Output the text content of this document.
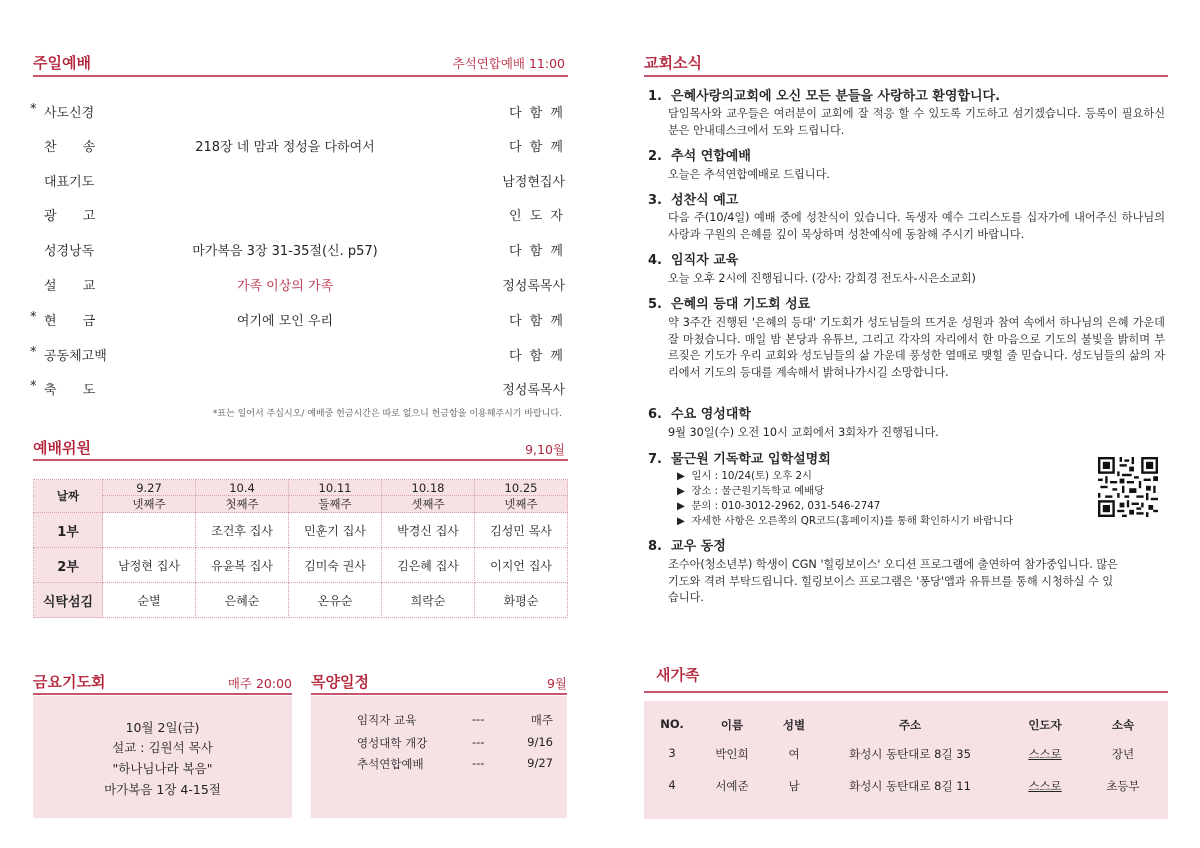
주일예배	추석연합예배 11:00
* 사도신경	다 함 께
찬 송	218장 네 맘과 정성을 다하여서	다 함 께
대표기도	남정현집사
광 고	인 도 자
성경낭독	마가복음 3장 31-35절(신. p57)	다 함 께
설 교	가족 이상의 가족	정성록목사
* 현 금	여기에 모인 우리	다 함 께
* 공동체고백	다 함 께
* 축 도	정성록목사
*표는 일어서 주십시오/ 예배중 헌금시간은 따로 없으니 헌금함을 이용해주시기 바랍니다.
예배위원	9,10월
날짜	9.27	10.4	10.11	10.18	10.25
	넷째주	첫째주	둘째주	셋째주	넷째주
1부		조건후 집사	민훈기 집사	박경신 집사	김성민 목사
2부	남정현 집사	유윤복 집사	김미숙 권사	김은혜 집사	이지언 집사
식탁섬김	순별	은혜순	온유순	희락순	화평순
금요기도회	매주 20:00
10월 2일(금)
설교 : 김원석 목사
"하나님나라 복음"
마가복음 1장 4-15절
목양일정	9월
임직자 교육	---	매주
영성대학 개강	---	9/16
추석연합예배	---	9/27
교회소식
1. 은혜사랑의교회에 오신 모든 분들을 사랑하고 환영합니다.
담임목사와 교우들은 여러분이 교회에 잘 적응 할 수 있도록 기도하고 섬기겠습니다. 등록이 필요하신 분은 안내데스크에서 도와 드립니다.
2. 추석 연합예배
오늘은 추석연합예배로 드립니다.
3. 성찬식 예고
다음 주(10/4일) 예배 중에 성찬식이 있습니다. 독생자 예수 그리스도를 십자가에 내어주신 하나님의 사랑과 구원의 은혜를 깊이 묵상하며 성찬예식에 동참해 주시기 바랍니다.
4. 임직자 교육
오늘 오후 2시에 진행됩니다. (강사: 강희경 전도사-시은소교회)
5. 은혜의 등대 기도회 성료
약 3주간 진행된 '은혜의 등대' 기도회가 성도님들의 뜨거운 성원과 참여 속에서 하나님의 은혜 가운데 잘 마쳤습니다. 매일 밤 본당과 유튜브, 그리고 각자의 자리에서 한 마음으로 기도의 불빛을 밝히며 부르짖은 기도가 우리 교회와 성도님들의 삶 가운데 풍성한 열매로 맺힐 줄 믿습니다. 성도님들의 삶의 자리에서 기도의 등대를 계속해서 밝혀나가시길 소망합니다.
6. 수요 영성대학
9월 30일(수) 오전 10시 교회에서 3회차가 진행됩니다.
7. 물근원 기독학교 입학설명회
▶  일시 : 10/24(토) 오후 2시
▶  장소 : 물근원기독학교 예배당
▶  문의 : 010-3012-2962, 031-546-2747
▶  자세한 사항은 오른쪽의 QR코드(홈페이지)를 통해 확인하시기 바랍니다
8. 교우 동정
조수아(청소년부) 학생이 CGN '힐링보이스' 오디션 프로그램에 출연하여 참가중입니다. 많은 기도와 격려 부탁드립니다. 힐링보이스 프로그램은 '퐁당'앱과 유튜브를 통해 시청하실 수 있습니다.
새가족
NO.	이름	성별	주소	인도자	소속
3	박인희	여	화성시 동탄대로 8길 35	스스로	장년
4	서예준	남	화성시 동탄대로 8길 11	스스로	초등부
